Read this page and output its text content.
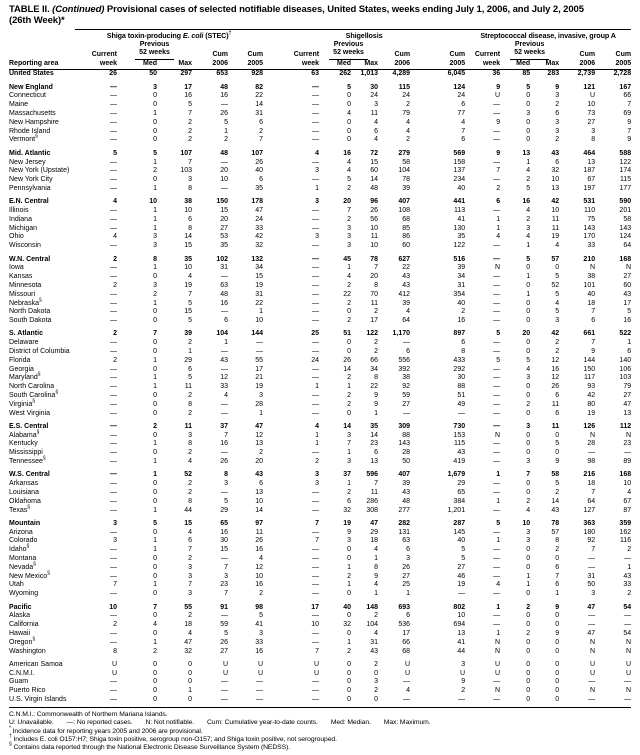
TABLE II. (Continued) Provisional cases of selected notifiable diseases, United States, weeks ending July 1, 2006, and July 2, 2005
(26th Week)*
	Shiga toxin-producing E. coli (STEC)†					Shigellosis					Streptococcal disease, invasive, group A				
		Previous					Previous					Previous			
	Current	52 weeks		Cum	Cum	Current	52 weeks		Cum	Cum	Current	52 weeks		Cum	Cum
Reporting area	week	Med	Max	2006	2005	week	Med	Max	2006	2005	week	Med	Max	2006	2005
United States	26	50	297	653	928	63	262	1,013	4,289	6,045	36	85	283	2,739	2,728

New England	—	3	17	48	82	—	5	30	115	124	9	5	9	121	167
Connecticut	—	0	16	16	22	—	0	24	24	24	U	0	3	U	66
Maine	—	0	5	—	14	—	0	3	2	6	—	0	2	10	7
Massachusetts	—	1	7	26	31	—	4	11	79	77	—	3	6	73	69
New Hampshire	—	0	2	5	6	—	0	4	4	4	9	0	3	27	9
Rhode Island	—	0	2	1	2	—	0	6	4	7	—	0	3	3	7
Vermont§	—	0	2	2	7	—	0	4	2	6	—	0	2	8	9

Mid. Atlantic	5	5	107	48	107	4	16	72	279	569	9	13	43	464	588
New Jersey	—	1	7	—	26	—	4	15	58	158	—	1	6	13	122
New York (Upstate)	—	2	103	20	40	3	4	60	104	137	7	4	32	187	174
New York City	—	0	3	10	6	—	5	14	78	234	—	2	10	67	115
Pennsylvania	—	1	8	—	35	1	2	48	39	40	2	5	13	197	177

E.N. Central	4	10	38	150	178	3	20	96	407	441	6	16	42	531	590
Illinois	—	1	10	15	47	—	7	26	108	113	—	4	10	110	201
Indiana	—	1	6	20	24	—	2	56	68	41	1	2	11	75	58
Michigan	—	1	8	27	33	—	3	10	85	130	1	3	11	143	143
Ohio	4	3	14	53	42	3	3	11	86	35	4	4	19	170	124
Wisconsin	—	3	15	35	32	—	3	10	60	122	—	1	4	33	64

W.N. Central	2	8	35	102	132	—	45	78	627	516	—	5	57	210	168
Iowa	—	1	10	31	34	—	1	7	22	39	N	0	0	N	N
Kansas	—	0	4	—	15	—	4	20	43	34	—	1	5	38	27
Minnesota	2	3	19	63	19	—	2	8	43	31	—	0	52	101	60
Missouri	—	2	7	48	31	—	22	70	412	354	—	1	5	40	43
Nebraska§	—	1	5	16	22	—	2	11	39	40	—	0	4	18	17
North Dakota	—	0	15	—	1	—	0	2	4	2	—	0	5	7	5
South Dakota	—	0	5	6	10	—	2	17	64	16	—	0	3	6	16

S. Atlantic	2	7	39	104	144	25	51	122	1,170	897	5	20	42	661	522
Delaware	—	0	2	1	—	—	0	2	—	6	—	0	2	7	1
District of Columbia	—	0	1	—	—	—	0	2	6	8	—	0	2	9	6
Florida	2	1	29	43	55	24	26	66	556	433	5	5	12	144	140
Georgia	—	0	6	—	17	—	14	34	392	292	—	4	16	150	106
Maryland§	—	1	5	12	21	—	2	8	38	30	—	3	12	117	103
North Carolina	—	1	11	33	19	1	1	22	92	88	—	0	26	93	79
South Carolina§	—	0	2	4	3	—	2	9	59	51	—	0	6	42	27
Virginia§	—	0	8	—	28	—	2	9	27	49	—	2	11	80	47
West Virginia	—	0	2	—	1	—	0	1	—	—	—	0	6	19	13

E.S. Central	—	2	11	37	47	4	14	35	309	730	—	3	11	126	112
Alabama§	—	0	3	7	12	1	3	14	88	153	N	0	0	N	N
Kentucky	—	1	8	16	13	1	7	23	143	115	—	0	5	28	23
Mississippi	—	0	2	—	2	—	1	6	28	43	—	0	0	—	—
Tennessee§	—	1	4	26	20	2	3	13	50	419	—	3	9	98	89

W.S. Central	—	1	52	8	43	3	37	596	407	1,679	1	7	58	216	168
Arkansas	—	0	2	3	6	3	1	7	39	29	—	0	5	18	10
Louisiana	—	0	2	—	13	—	2	11	43	65	—	0	2	7	4
Oklahoma	—	0	8	5	10	—	6	286	48	384	1	2	14	64	67
Texas§	—	1	44	29	14	—	32	308	277	1,201	—	4	43	127	87

Mountain	3	5	15	65	97	7	19	47	282	287	5	10	78	363	359
Arizona	—	0	4	16	11	—	9	29	131	145	—	3	57	180	162
Colorado	3	1	6	30	26	7	3	18	63	40	1	3	8	92	116
Idaho§	—	1	7	15	16	—	0	4	6	5	—	0	2	7	2
Montana	—	0	2	—	4	—	0	1	3	5	—	0	0	—	—
Nevada§	—	0	3	7	12	—	1	8	26	27	—	0	6	—	1
New Mexico§	—	0	3	3	10	—	2	9	27	46	—	1	7	31	43
Utah	7	1	7	23	16	—	1	4	25	19	4	1	6	50	33
Wyoming	—	0	3	7	2	—	0	1	1	—	—	0	1	3	2

Pacific	10	7	55	91	98	17	40	148	693	802	1	2	9	47	54
Alaska	—	0	2	—	5	—	0	2	6	10	—	0	0	—	—
California	2	4	18	59	41	10	32	104	536	694	—	0	0	—	—
Hawaii	—	0	4	5	3	—	0	4	17	13	1	2	9	47	54
Oregon§	—	1	47	26	33	—	1	31	66	41	N	0	0	N	N
Washington	8	2	32	27	16	7	2	43	68	44	N	0	0	N	N

American Samoa	U	0	0	U	U	U	0	2	U	3	U	0	0	U	U
C.N.M.I.	U	0	0	U	U	U	0	0	U	U	U	0	0	U	U
Guam	—	0	0	—	—	—	0	3	—	9	—	0	0	—	—
Puerto Rico	—	0	1	—	—	—	0	2	4	2	N	0	0	N	N
U.S. Virgin Islands	—	0	0	—	—	—	0	0	—	—	—	0	0	—	—
C.N.M.I.: Commonwealth of Northern Mariana Islands.
U: Unavailable. —: No reported cases. N: Not notifiable. Cum: Cumulative year-to-date counts. Med: Median. Max: Maximum.
* Incidence data for reporting years 2005 and 2006 are provisional.
† Includes E. coli O157:H7; Shiga toxin positive, serogroup non-O157; and Shiga toxin positive, not serogrouped.
§ Contains data reported through the National Electronic Disease Surveillance System (NEDSS).
